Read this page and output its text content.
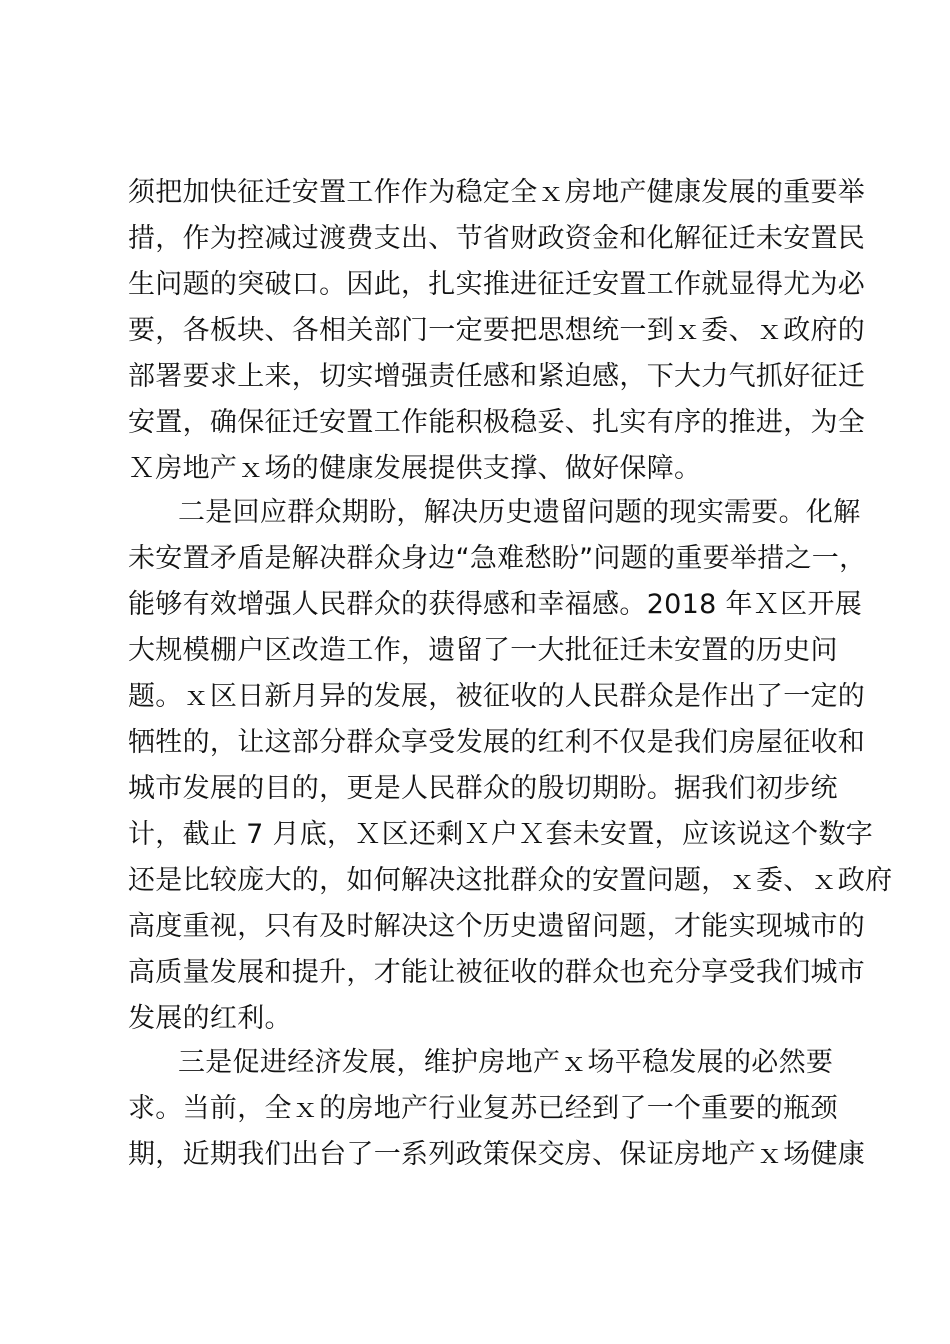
须把加快征迁安置工作作为稳定全ｘ房地产健康发展的重要举
措，作为控减过渡费支出、节省财政资金和化解征迁未安置民
生问题的突破口。因此，扎实推进征迁安置工作就显得尤为必
要，各板块、各相关部门一定要把思想统一到ｘ委、ｘ政府的
部署要求上来，切实增强责任感和紧迫感，下大力气抓好征迁
安置，确保征迁安置工作能积极稳妥、扎实有序的推进，为全
Ｘ房地产ｘ场的健康发展提供支撑、做好保障。
二是回应群众期盼，解决历史遗留问题的现实需要。化解
未安置矛盾是解决群众身边“急难愁盼”问题的重要举措之一，
能够有效增强人民群众的获得感和幸福感。2018 年Ｘ区开展
大规模棚户区改造工作，遗留了一大批征迁未安置的历史问
题。ｘ区日新月异的发展，被征收的人民群众是作出了一定的
牺牲的，让这部分群众享受发展的红利不仅是我们房屋征收和
城市发展的目的，更是人民群众的殷切期盼。据我们初步统
计，截止 7 月底，Ｘ区还剩Ｘ户Ｘ套未安置，应该说这个数字
还是比较庞大的，如何解决这批群众的安置问题，ｘ委、ｘ政府
高度重视，只有及时解决这个历史遗留问题，才能实现城市的
高质量发展和提升，才能让被征收的群众也充分享受我们城市
发展的红利。
三是促进经济发展，维护房地产ｘ场平稳发展的必然要
求。当前，全ｘ的房地产行业复苏已经到了一个重要的瓶颈
期，近期我们出台了一系列政策保交房、保证房地产ｘ场健康
